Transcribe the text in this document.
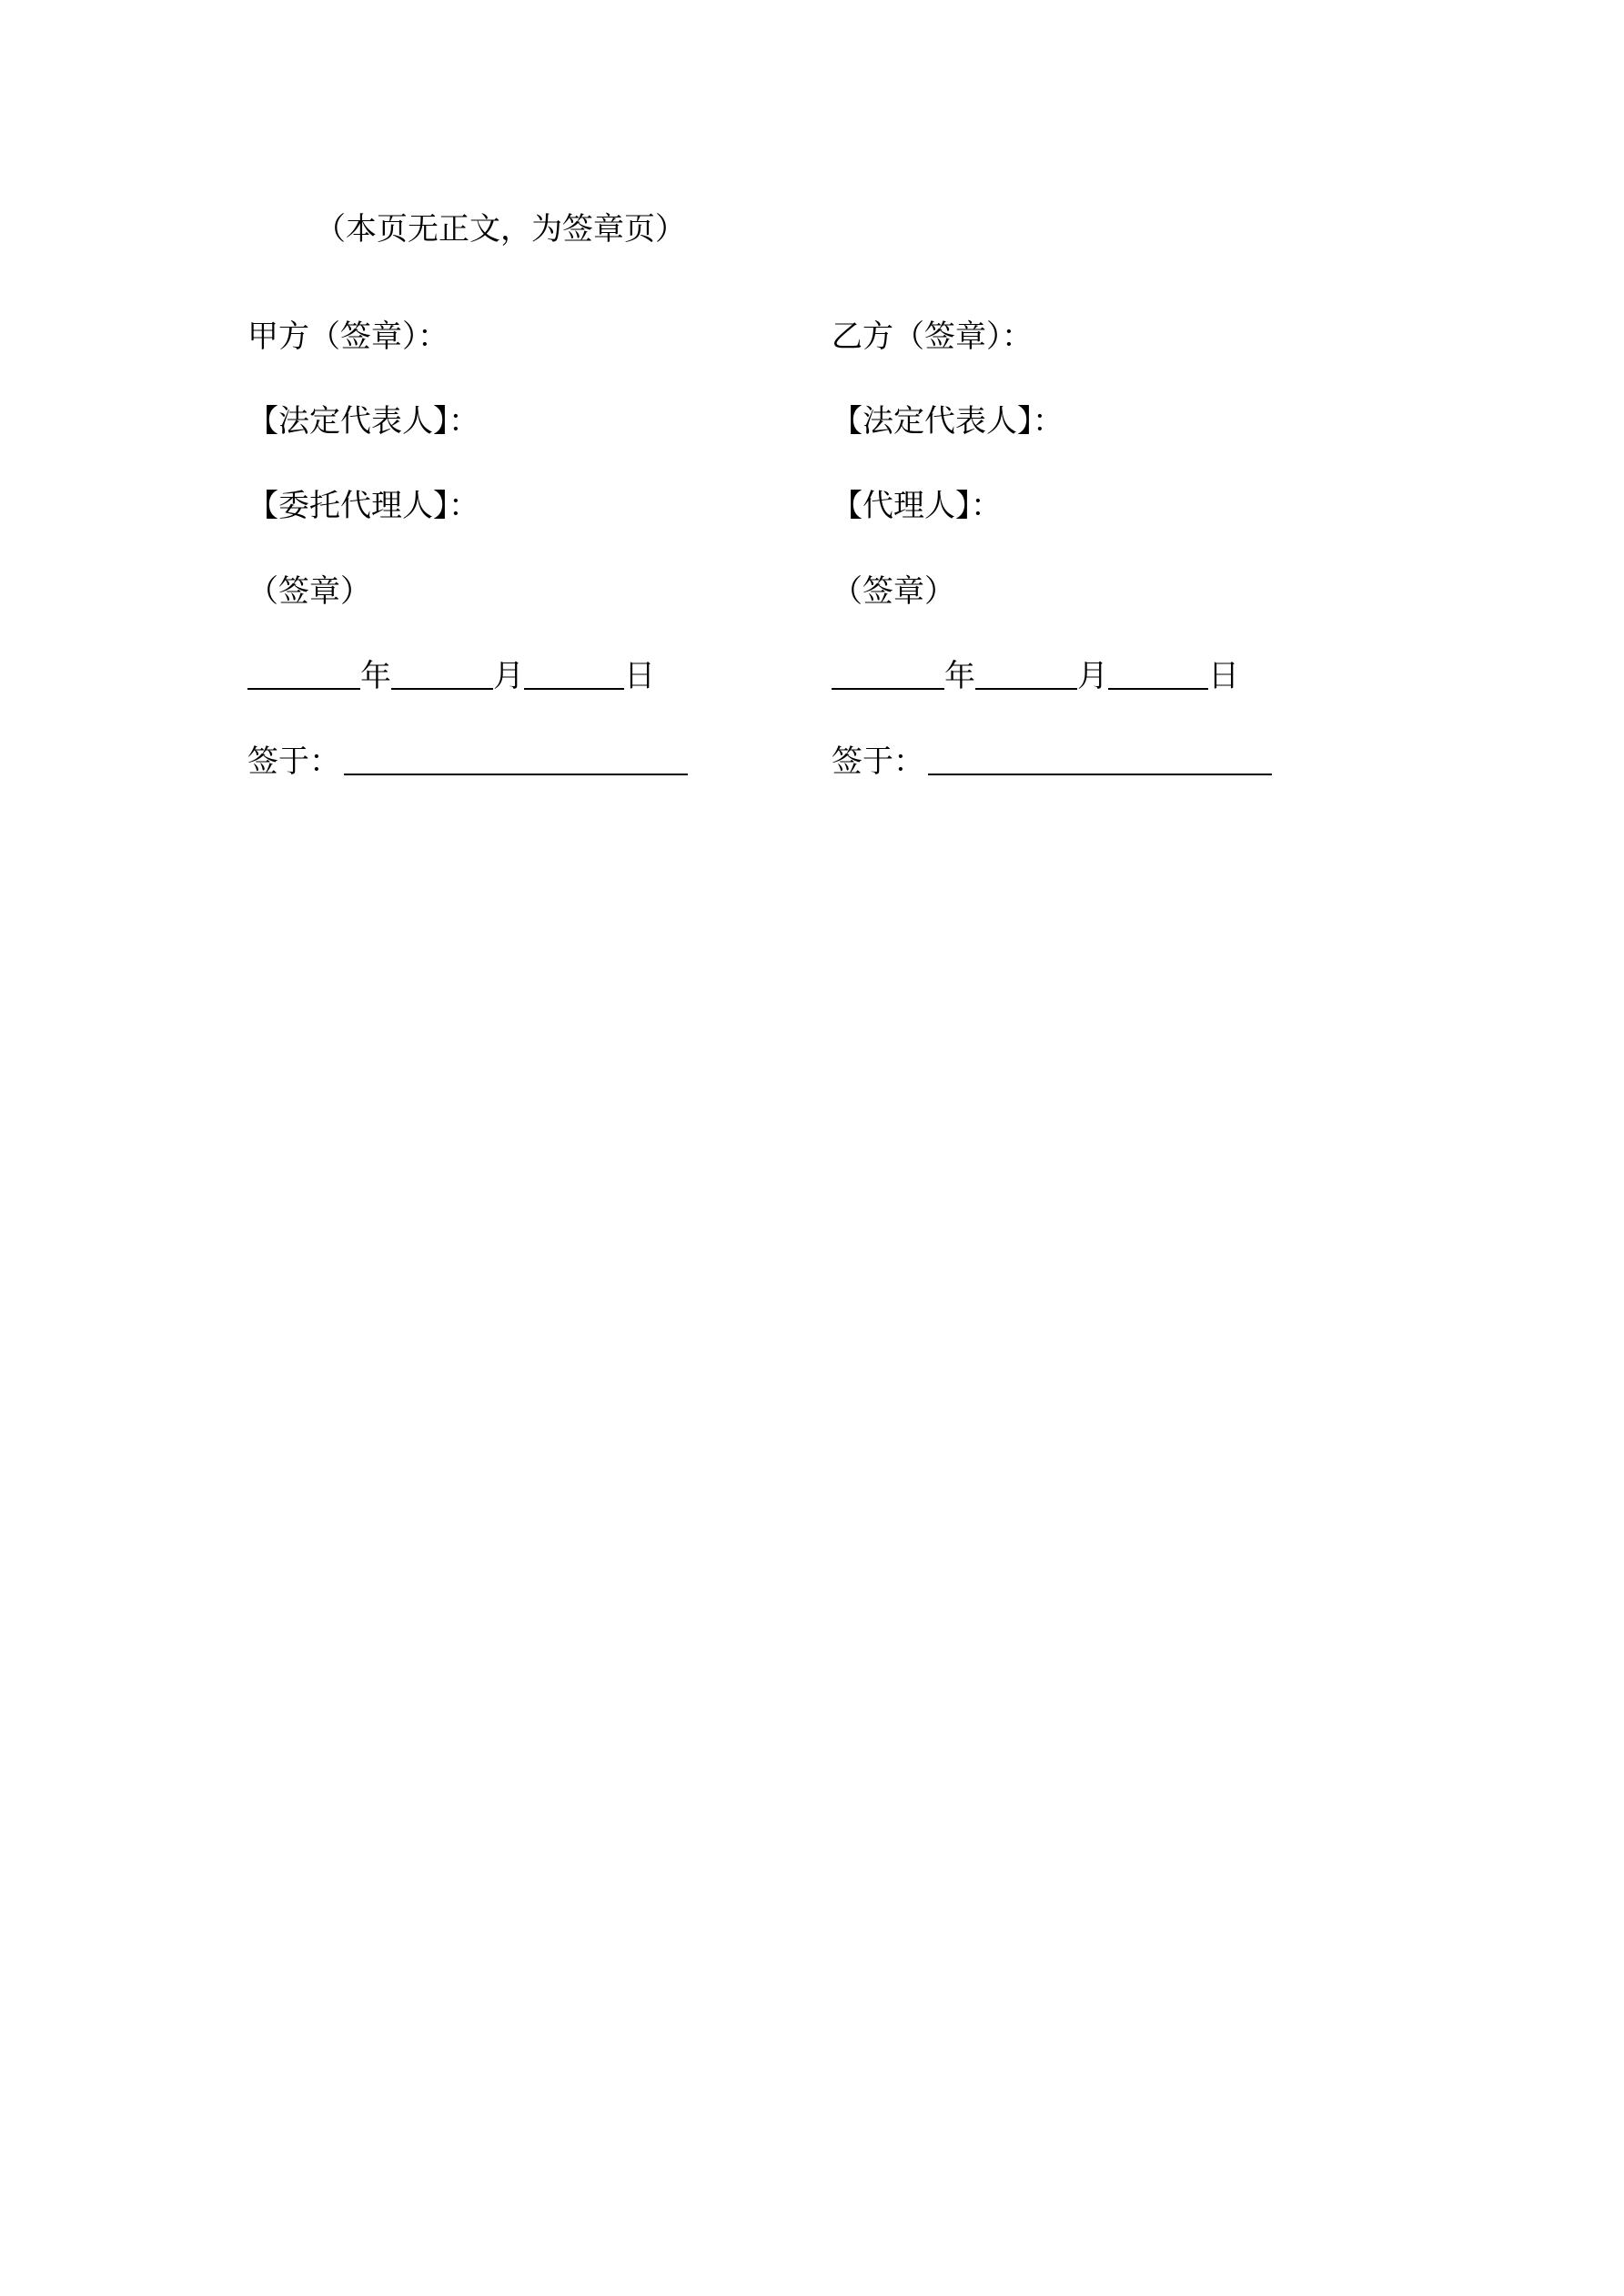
（本页无正文，为签章页）
甲方（签章）：
【法定代表人】：
【委托代理人】：
（签章）
年	月	日
签于：
乙方（签章）：
【法定代表人】：
【代理人】：
（签章）
年	月	日
签于：
